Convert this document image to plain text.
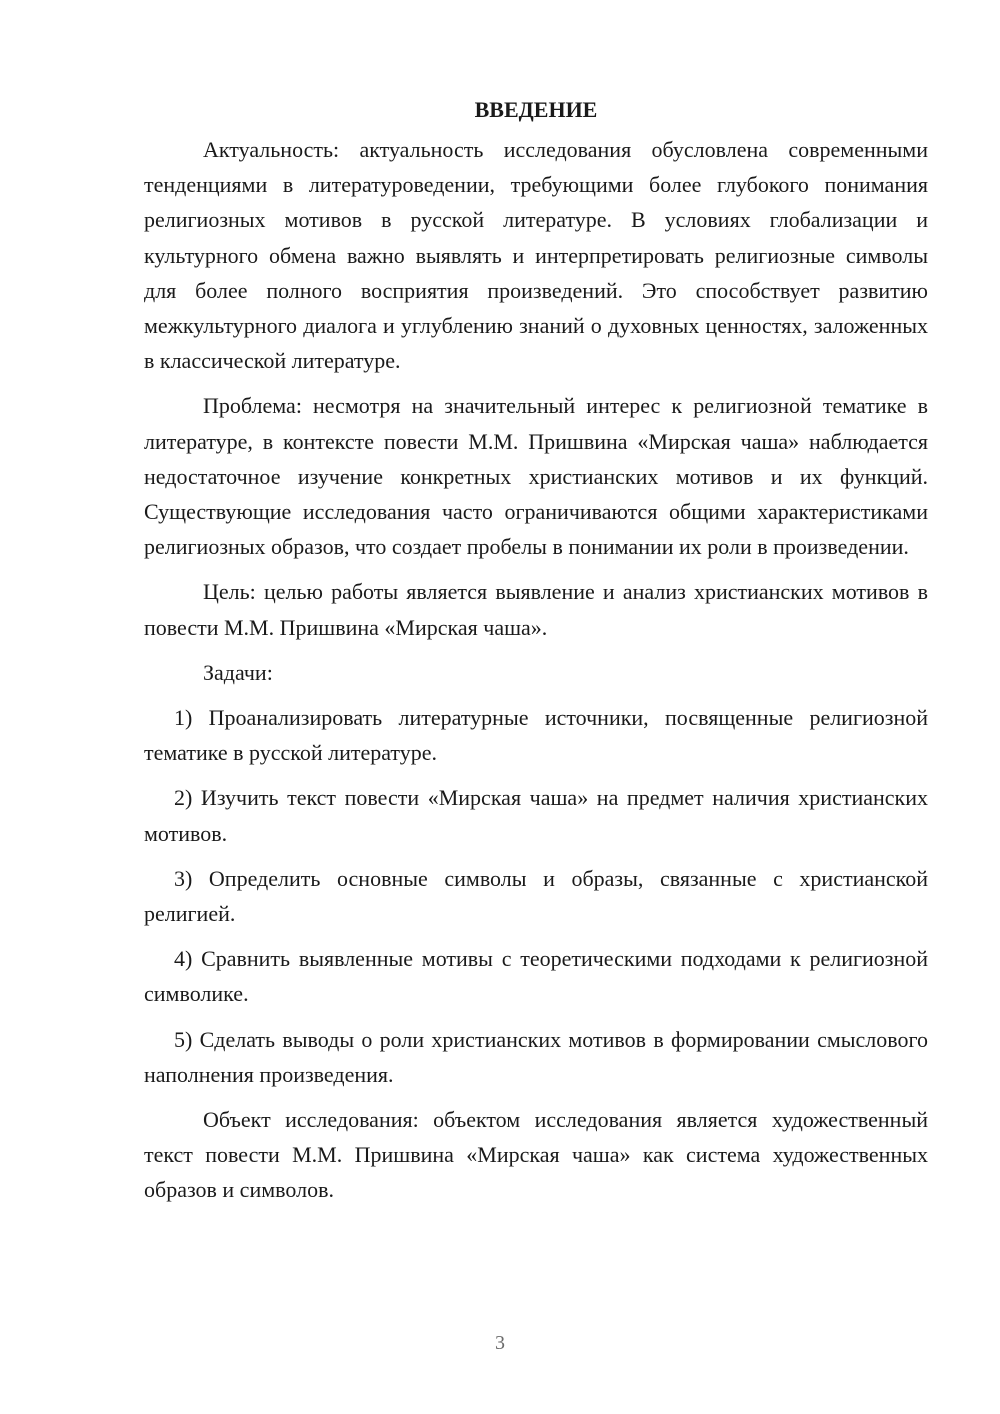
ВВЕДЕНИЕ

Актуальность: актуальность исследования обусловлена современными тенденциями в литературоведении, требующими более глубокого понимания религиозных мотивов в русской литературе. В условиях глобализации и культурного обмена важно выявлять и интерпретировать религиозные символы для более полного восприятия произведений. Это способствует развитию межкультурного диалога и углублению знаний о духовных ценностях, заложенных в классической литературе.

Проблема: несмотря на значительный интерес к религиозной тематике в литературе, в контексте повести М.М. Пришвина «Мирская чаша» наблюдается недостаточное изучение конкретных христианских мотивов и их функций. Существующие исследования часто ограничиваются общими характеристиками религиозных образов, что создает пробелы в понимании их роли в произведении.

Цель: целью работы является выявление и анализ христианских мотивов в повести М.М. Пришвина «Мирская чаша».

Задачи:

1) Проанализировать литературные источники, посвященные религиозной тематике в русской литературе.

2) Изучить текст повести «Мирская чаша» на предмет наличия христианских мотивов.

3) Определить основные символы и образы, связанные с христианской религией.

4) Сравнить выявленные мотивы с теоретическими подходами к религиозной символике.

5) Сделать выводы о роли христианских мотивов в формировании смыслового наполнения произведения.

Объект исследования: объектом исследования является художественный текст повести М.М. Пришвина «Мирская чаша» как система художественных образов и символов.

3
